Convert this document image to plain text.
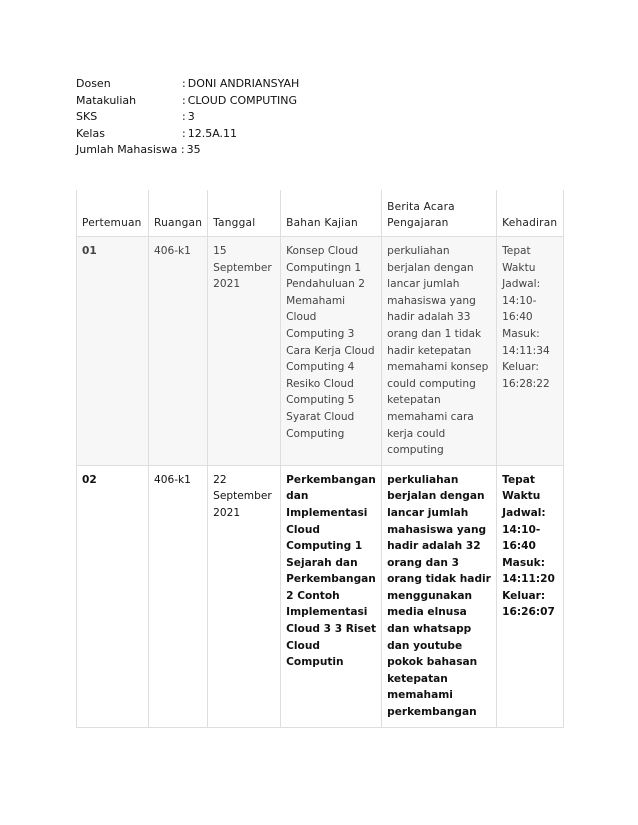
Dosen	: DONI ANDRIANSYAH
Matakuliah	: CLOUD COMPUTING
SKS	: 3
Kelas	: 12.5A.11
Jumlah Mahasiswa : 35
Pertemuan	Ruangan	Tanggal	Bahan Kajian	Berita Acara Pengajaran	Kehadiran
01	406-k1	15 September 2021	Konsep Cloud Computingn 1 Pendahuluan 2 Memahami Cloud Computing 3 Cara Kerja Cloud Computing 4 Resiko Cloud Computing 5 Syarat Cloud Computing	perkuliahan berjalan dengan lancar jumlah mahasiswa yang hadir adalah 33 orang dan 1 tidak hadir ketepatan memahami konsep could computing ketepatan memahami cara kerja could computing	Tepat Waktu Jadwal: 14:10-16:40 Masuk: 14:11:34 Keluar: 16:28:22
02	406-k1	22 September 2021	Perkembangan dan Implementasi Cloud Computing 1 Sejarah dan Perkembangan 2 Contoh Implementasi Cloud 3 3 Riset Cloud Computin	perkuliahan berjalan dengan lancar jumlah mahasiswa yang hadir adalah 32 orang dan 3 orang tidak hadir menggunakan media elnusa dan whatsapp dan youtube pokok bahasan ketepatan memahami perkembangan	Tepat Waktu Jadwal: 14:10-16:40 Masuk: 14:11:20 Keluar: 16:26:07
